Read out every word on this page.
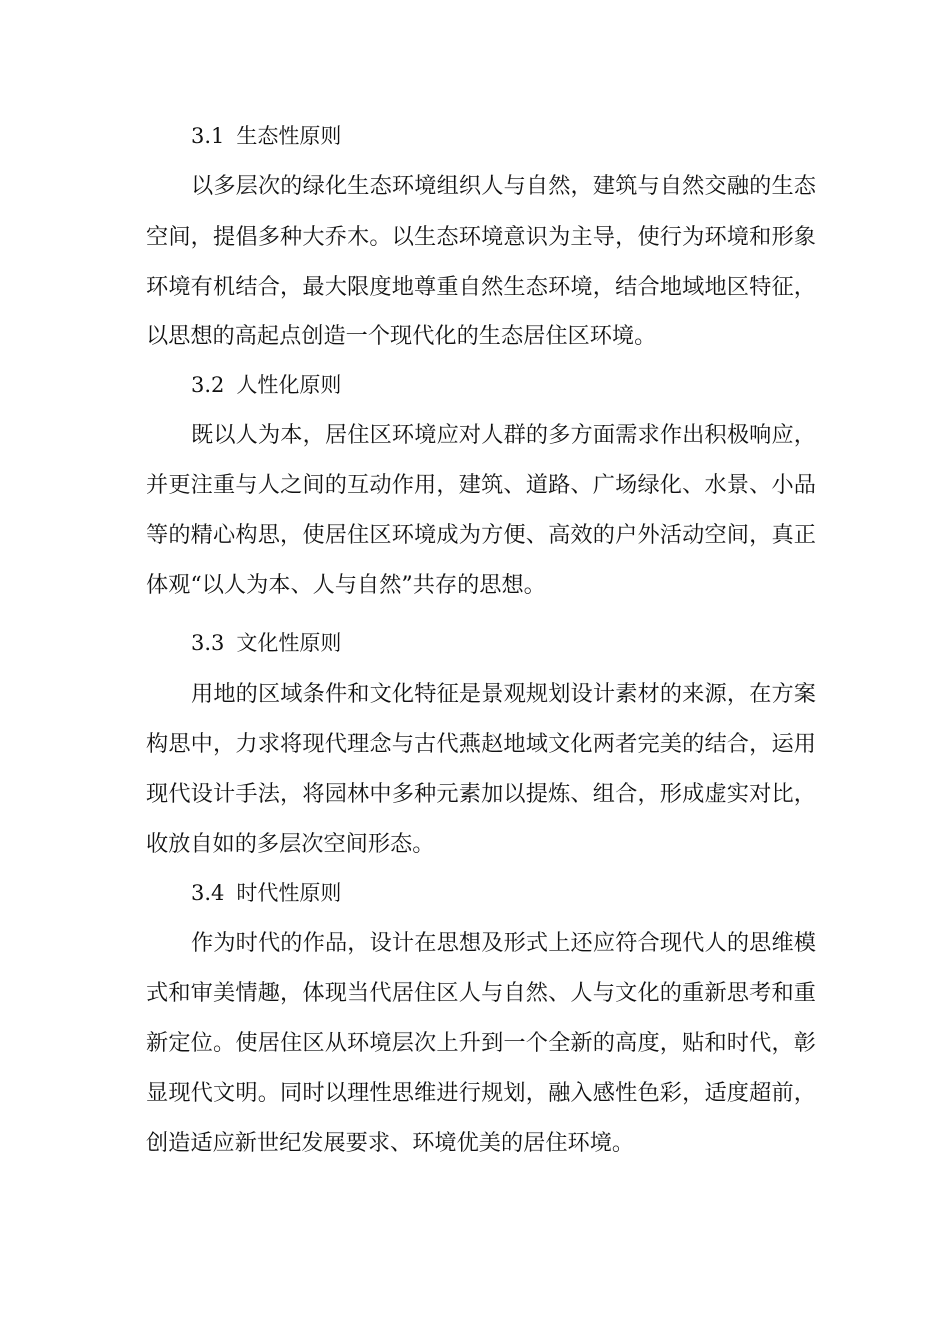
3.1 生态性原则
以多层次的绿化生态环境组织人与自然，建筑与自然交融的生态
空间，提倡多种大乔木。以生态环境意识为主导，使行为环境和形象
环境有机结合，最大限度地尊重自然生态环境，结合地域地区特征，
以思想的高起点创造一个现代化的生态居住区环境。
3.2 人性化原则
既以人为本，居住区环境应对人群的多方面需求作出积极响应，
并更注重与人之间的互动作用，建筑、道路、广场绿化、水景、小品
等的精心构思，使居住区环境成为方便、高效的户外活动空间，真正
体观“以人为本、人与自然”共存的思想。
3.3 文化性原则
用地的区域条件和文化特征是景观规划设计素材的来源，在方案
构思中，力求将现代理念与古代燕赵地域文化两者完美的结合，运用
现代设计手法，将园林中多种元素加以提炼、组合，形成虚实对比，
收放自如的多层次空间形态。
3.4 时代性原则
作为时代的作品，设计在思想及形式上还应符合现代人的思维模
式和审美情趣，体现当代居住区人与自然、人与文化的重新思考和重
新定位。使居住区从环境层次上升到一个全新的高度，贴和时代，彰
显现代文明。同时以理性思维进行规划，融入感性色彩，适度超前，
创造适应新世纪发展要求、环境优美的居住环境。
